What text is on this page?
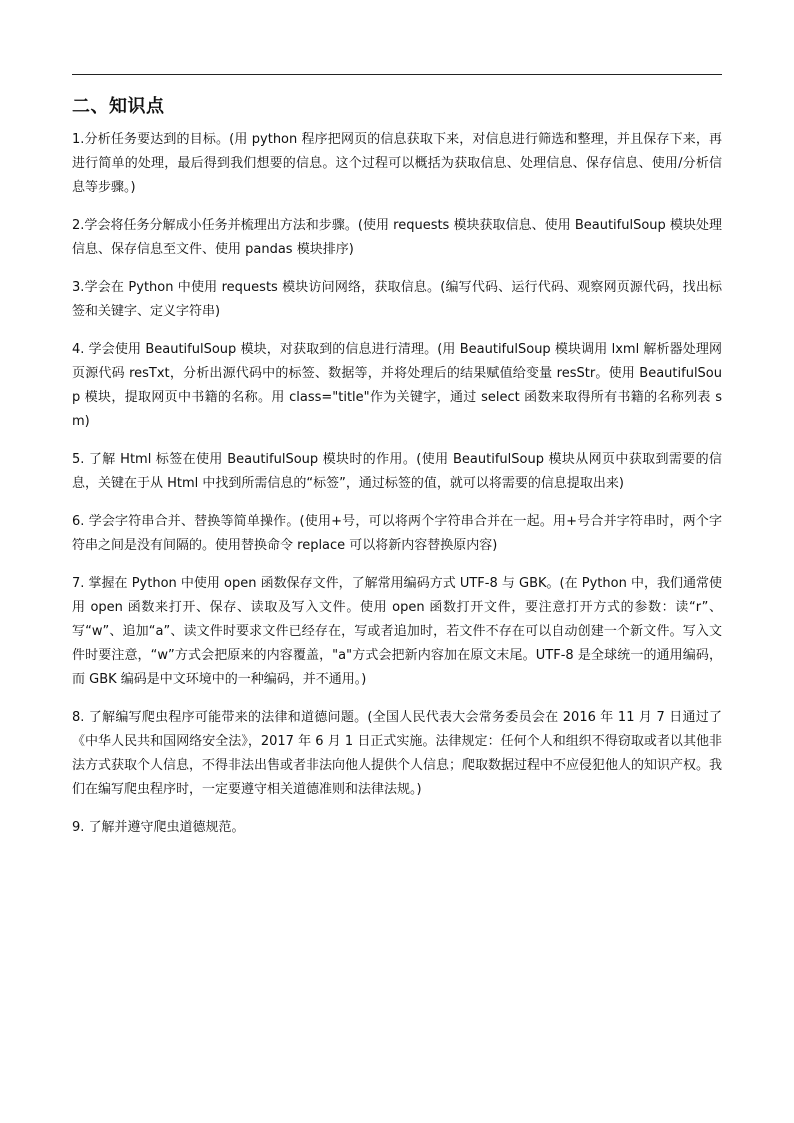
二、知识点

1.分析任务要达到的目标。(用 python 程序把网页的信息获取下来，对信息进行筛选和整理，并且保存下来，再进行简单的处理，最后得到我们想要的信息。这个过程可以概括为获取信息、处理信息、保存信息、使用/分析信息等步骤。)

2.学会将任务分解成小任务并梳理出方法和步骤。(使用 requests 模块获取信息、使用 BeautifulSoup 模块处理信息、保存信息至文件、使用 pandas 模块排序)

3.学会在 Python 中使用 requests 模块访问网络，获取信息。(编写代码、运行代码、观察网页源代码，找出标签和关键字、定义字符串)

4. 学会使用 BeautifulSoup 模块，对获取到的信息进行清理。(用 BeautifulSoup 模块调用 lxml 解析器处理网页源代码 resTxt，分析出源代码中的标签、数据等，并将处理后的结果赋值给变量 resStr。使用 BeautifulSoup 模块，提取网页中书籍的名称。用 class="title"作为关键字，通过 select 函数来取得所有书籍的名称列表 sm)

5. 了解 Html 标签在使用 BeautifulSoup 模块时的作用。(使用 BeautifulSoup 模块从网页中获取到需要的信息，关键在于从 Html 中找到所需信息的“标签”，通过标签的值，就可以将需要的信息提取出来)

6. 学会字符串合并、替换等简单操作。(使用+号，可以将两个字符串合并在一起。用+号合并字符串时，两个字符串之间是没有间隔的。使用替换命令 replace 可以将新内容替换原内容)

7. 掌握在 Python 中使用 open 函数保存文件，了解常用编码方式 UTF-8 与 GBK。(在 Python 中，我们通常使用 open 函数来打开、保存、读取及写入文件。使用 open 函数打开文件，要注意打开方式的参数：读“r”、写“w”、追加“a”、读文件时要求文件已经存在，写或者追加时，若文件不存在可以自动创建一个新文件。写入文件时要注意，“w”方式会把原来的内容覆盖，"a"方式会把新内容加在原文末尾。UTF-8 是全球统一的通用编码，而 GBK 编码是中文环境中的一种编码，并不通用。)

8. 了解编写爬虫程序可能带来的法律和道德问题。(全国人民代表大会常务委员会在 2016 年 11 月 7 日通过了《中华人民共和国网络安全法》，2017 年 6 月 1 日正式实施。法律规定：任何个人和组织不得窃取或者以其他非法方式获取个人信息，不得非法出售或者非法向他人提供个人信息；爬取数据过程中不应侵犯他人的知识产权。我们在编写爬虫程序时，一定要遵守相关道德准则和法律法规。)

9. 了解并遵守爬虫道德规范。
